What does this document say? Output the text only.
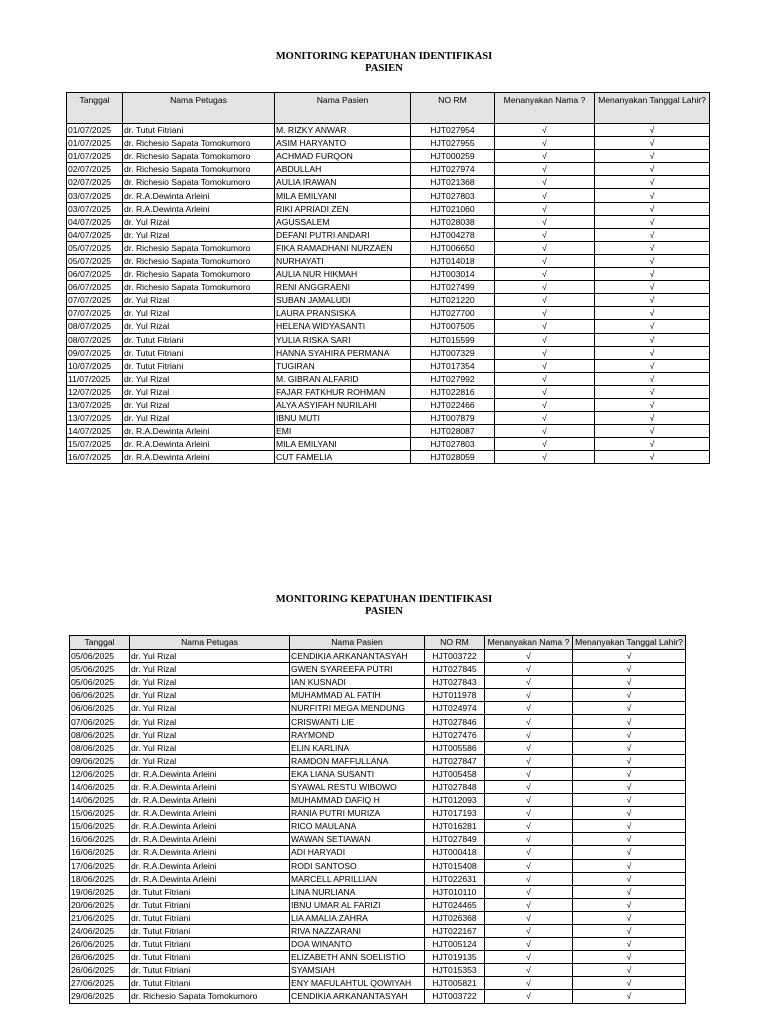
MONITORING KEPATUHAN IDENTIFIKASI
PASIEN
Tanggal	Nama Petugas	Nama Pasien	NO RM	Menanyakan Nama ?	Menanyakan Tanggal Lahir?
01/07/2025	dr. Tutut Fitriani	M. RIZKY ANWAR	HJT027954	√	√
01/07/2025	dr. Richesio Sapata Tomokumoro	ASIM HARYANTO	HJT027955	√	√
01/07/2025	dr. Richesio Sapata Tomokumoro	ACHMAD FURQON	HJT000259	√	√
02/07/2025	dr. Richesio Sapata Tomokumoro	ABDULLAH	HJT027974	√	√
02/07/2025	dr. Richesio Sapata Tomokumoro	AULIA IRAWAN	HJT021368	√	√
03/07/2025	dr. R.A.Dewinta Arleini	MILA EMILYANI	HJT027803	√	√
03/07/2025	dr. R.A.Dewinta Arleini	RIKI APRIADI ZEN	HJT021060	√	√
04/07/2025	dr. Yul Rizal	AGUSSALEM	HJT028038	√	√
04/07/2025	dr. Yul Rizal	DEFANI PUTRI ANDARI	HJT004278	√	√
05/07/2025	dr. Richesio Sapata Tomokumoro	FIKA RAMADHANI NURZAEN	HJT006650	√	√
05/07/2025	dr. Richesio Sapata Tomokumoro	NURHAYATI	HJT014018	√	√
06/07/2025	dr. Richesio Sapata Tomokumoro	AULIA NUR HIKMAH	HJT003014	√	√
06/07/2025	dr. Richesio Sapata Tomokumoro	RENI ANGGRAENI	HJT027499	√	√
07/07/2025	dr. Yul Rizal	SUBAN JAMALUDI	HJT021220	√	√
07/07/2025	dr. Yul Rizal	LAURA PRANSISKA	HJT027700	√	√
08/07/2025	dr. Yul Rizal	HELENA WIDYASANTI	HJT007505	√	√
08/07/2025	dr. Tutut Fitriani	YULIA RISKA SARI	HJT015599	√	√
09/07/2025	dr. Tutut Fitriani	HANNA SYAHIRA PERMANA	HJT007329	√	√
10/07/2025	dr. Tutut Fitriani	TUGIRAN	HJT017354	√	√
11/07/2025	dr. Yul Rizal	M. GIBRAN ALFARID	HJT027992	√	√
12/07/2025	dr. Yul Rizal	FAJAR FATKHUR ROHMAN	HJT022816	√	√
13/07/2025	dr. Yul Rizal	ALYA ASYIFAH NURILAHI	HJT022466	√	√
13/07/2025	dr. Yul Rizal	IBNU MUTI	HJT007879	√	√
14/07/2025	dr. R.A.Dewinta Arleini	EMI	HJT028087	√	√
15/07/2025	dr. R.A.Dewinta Arleini	MILA EMILYANI	HJT027803	√	√
16/07/2025	dr. R.A.Dewinta Arleini	CUT FAMELIA	HJT028059	√	√
MONITORING KEPATUHAN IDENTIFIKASI
PASIEN
Tanggal	Nama Petugas	Nama Pasien	NO RM	Menanyakan Nama ?	Menanyakan Tanggal Lahir?
05/06/2025	dr. Yul Rizal	CENDIKIA ARKANANTASYAH	HJT003722	√	√
05/06/2025	dr. Yul Rizal	GWEN SYAREEFA PUTRI	HJT027845	√	√
05/06/2025	dr. Yul Rizal	IAN KUSNADI	HJT027843	√	√
06/06/2025	dr. Yul Rizal	MUHAMMAD AL FATIH	HJT011978	√	√
06/06/2025	dr. Yul Rizal	NURFITRI MEGA MENDUNG	HJT024974	√	√
07/06/2025	dr. Yul Rizal	CRISWANTI LIE	HJT027846	√	√
08/06/2025	dr. Yul Rizal	RAYMOND	HJT027476	√	√
08/06/2025	dr. Yul Rizal	ELIN KARLINA	HJT005586	√	√
09/06/2025	dr. Yul Rizal	RAMDON MAFFULLANA	HJT027847	√	√
12/06/2025	dr. R.A.Dewinta Arleini	EKA LIANA SUSANTI	HJT005458	√	√
14/06/2025	dr. R.A.Dewinta Arleini	SYAWAL RESTU WIBOWO	HJT027848	√	√
14/06/2025	dr. R.A.Dewinta Arleini	MUHAMMAD DAFIQ H	HJT012093	√	√
15/06/2025	dr. R.A.Dewinta Arleini	RANIA PUTRI MURIZA	HJT017193	√	√
15/06/2025	dr. R.A.Dewinta Arleini	RICO MAULANA	HJT016281	√	√
16/06/2025	dr. R.A.Dewinta Arleini	WAWAN SETIAWAN	HJT027849	√	√
16/06/2025	dr. R.A.Dewinta Arleini	ADI HARYADI	HJT000418	√	√
17/06/2025	dr. R.A.Dewinta Arleini	RODI SANTOSO	HJT015408	√	√
18/06/2025	dr. R.A.Dewinta Arleini	MARCELL APRILLIAN	HJT022631	√	√
19/06/2025	dr. Tutut Fitriani	LINA NURLIANA	HJT010110	√	√
20/06/2025	dr. Tutut Fitriani	IBNU UMAR AL FARIZI	HJT024465	√	√
21/06/2025	dr. Tutut Fitriani	LIA AMALIA ZAHRA	HJT026368	√	√
24/06/2025	dr. Tutut Fitriani	RIVA NAZZARANI	HJT022167	√	√
26/06/2025	dr. Tutut Fitriani	DOA WINANTO	HJT005124	√	√
26/06/2025	dr. Tutut Fitriani	ELIZABETH ANN SOELISTIO	HJT019135	√	√
26/06/2025	dr. Tutut Fitriani	SYAMSIAH	HJT015353	√	√
27/06/2025	dr. Tutut Fitriani	ENY MAFULAHTUL QOWIYAH	HJT005821	√	√
29/06/2025	dr. Richesio Sapata Tomokumoro	CENDIKIA ARKANANTASYAH	HJT003722	√	√
